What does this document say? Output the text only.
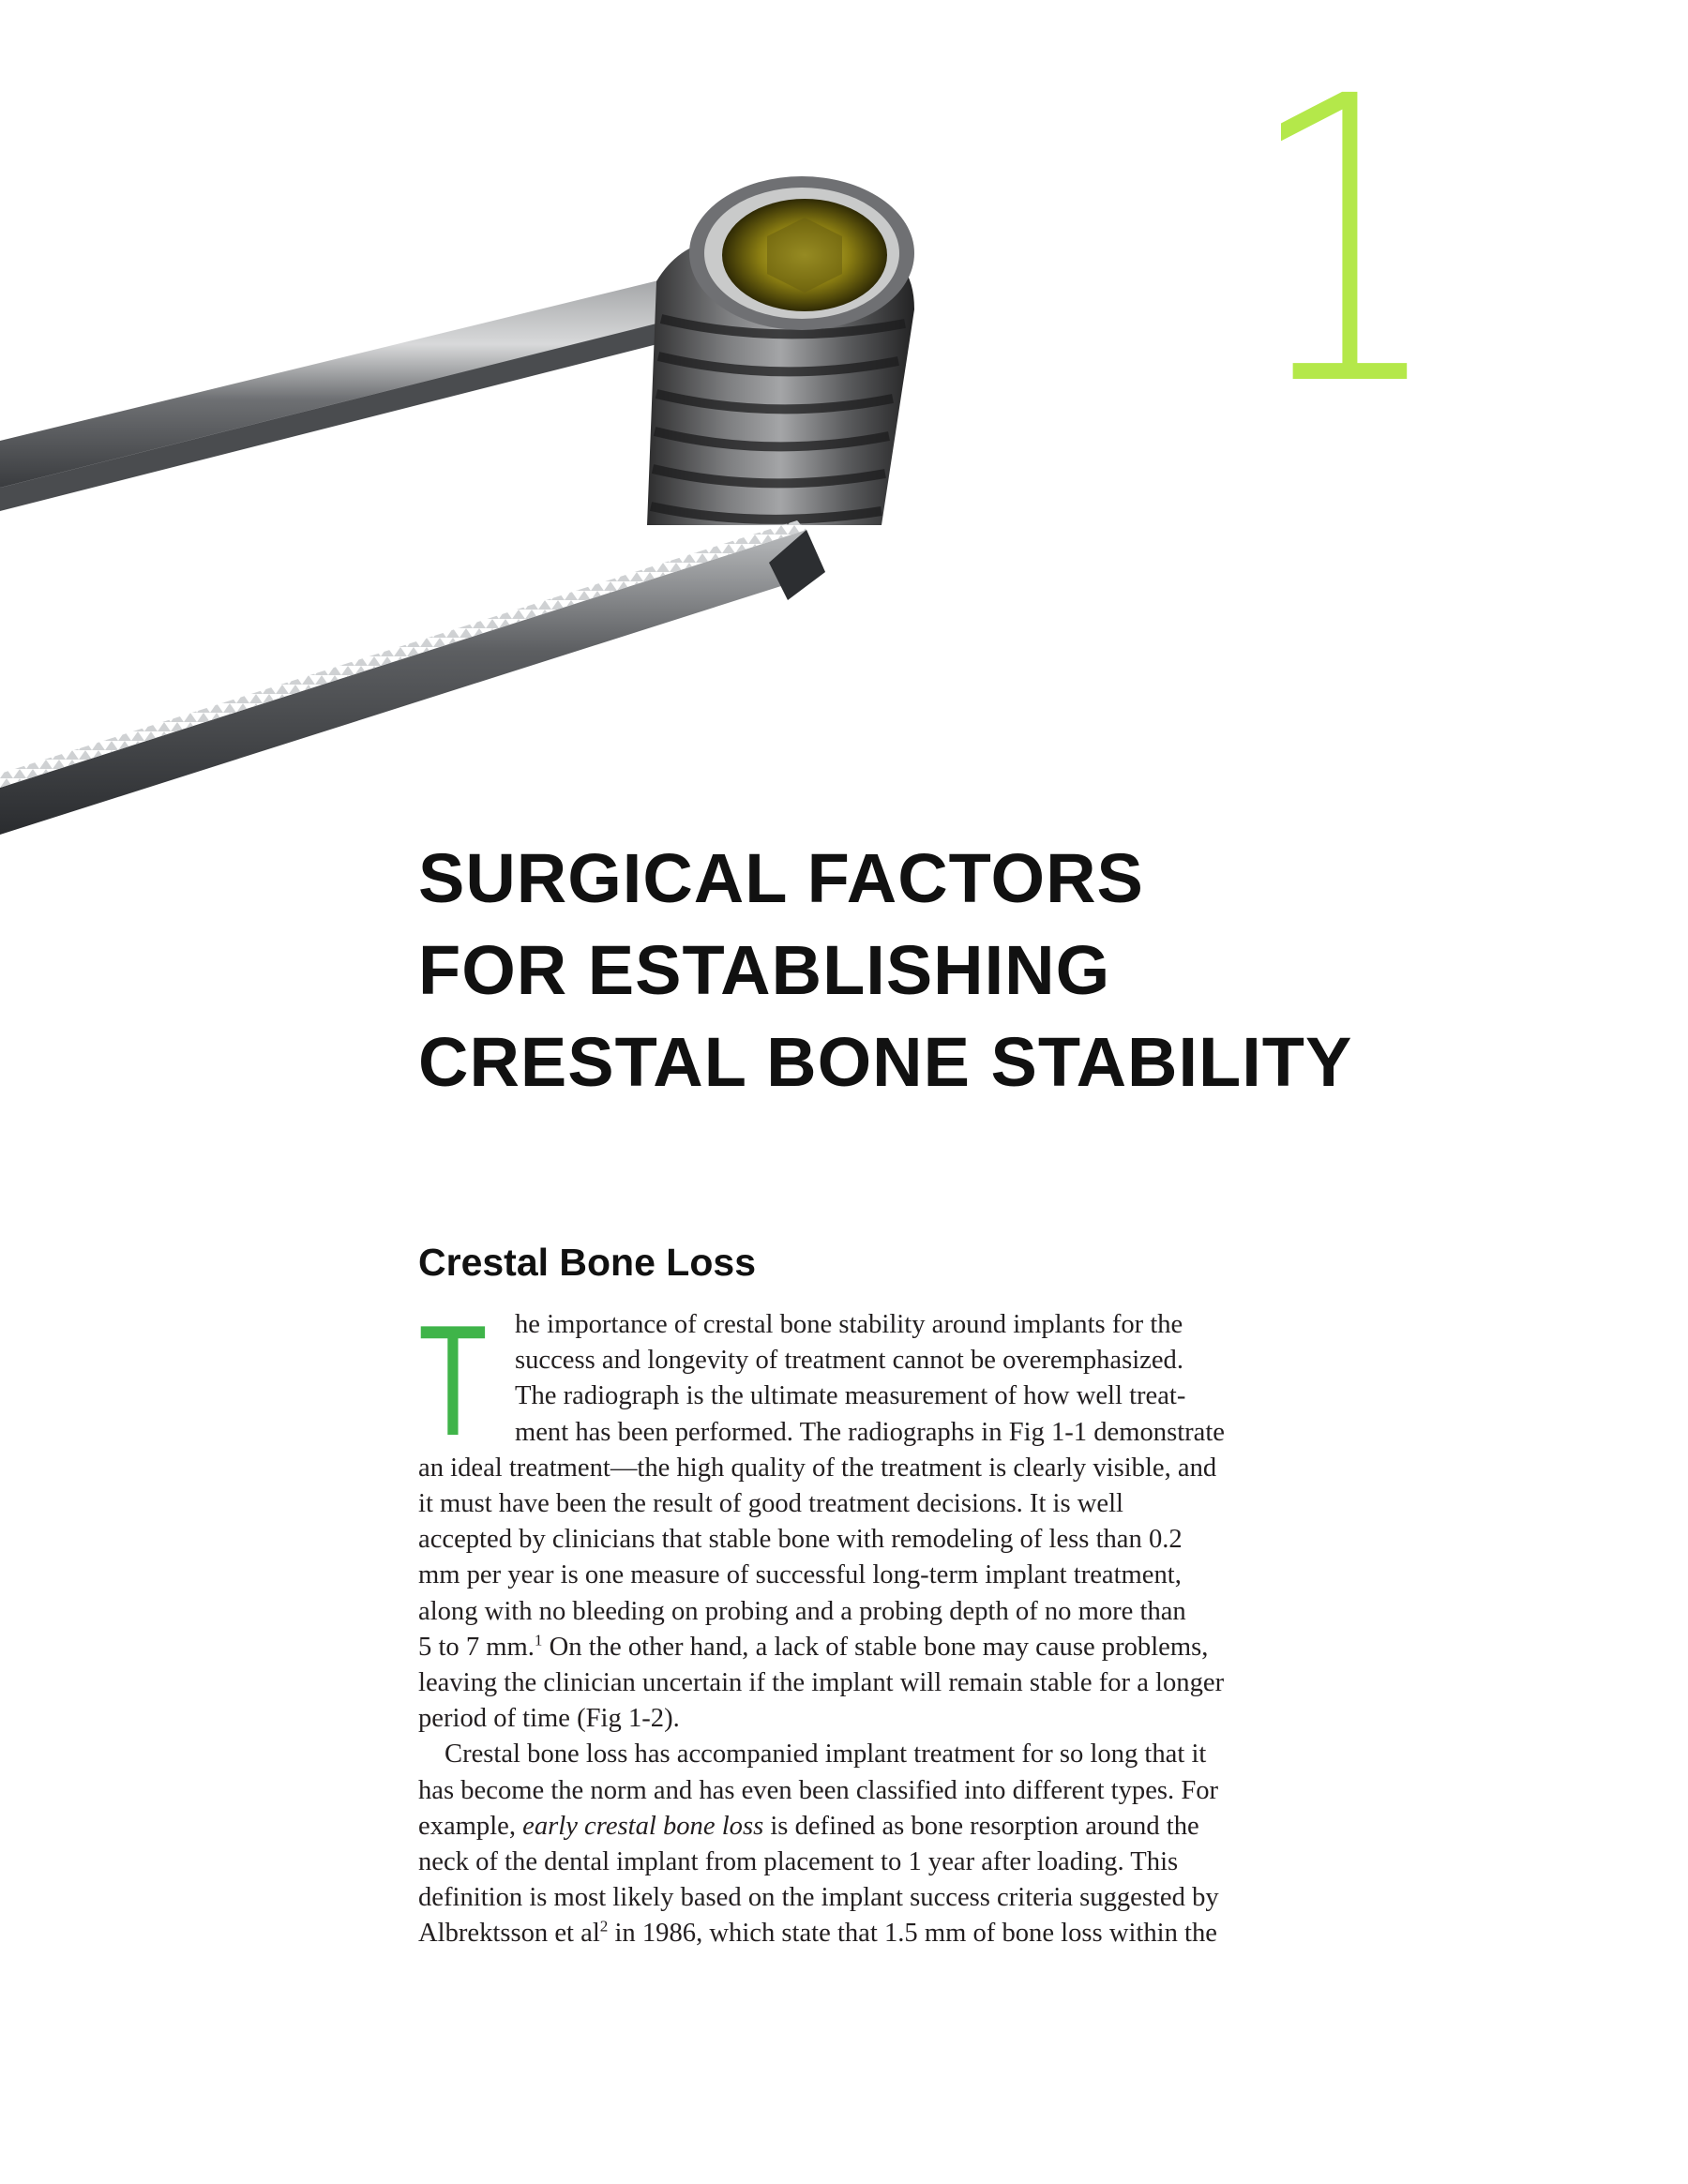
1
SURGICAL FACTORS
FOR ESTABLISHING
CRESTAL BONE STABILITY
Crestal Bone Loss

T	he importance of crestal bone stability around implants for the
success and longevity of treatment cannot be overemphasized.
The radiograph is the ultimate measurement of how well treat-
ment has been performed. The radiographs in Fig 1-1 demonstrate
an ideal treatment—the high quality of the treatment is clearly visible, and
it must have been the result of good treatment decisions. It is well
accepted by clinicians that stable bone with remodeling of less than 0.2
mm per year is one measure of successful long-term implant treatment,
along with no bleeding on probing and a probing depth of no more than
5 to 7 mm.$^1$ On the other hand, a lack of stable bone may cause problems,
leaving the clinician uncertain if the implant will remain stable for a longer
period of time (Fig 1-2).

Crestal bone loss has accompanied implant treatment for so long that it
has become the norm and has even been classified into different types. For
example, early crestal bone loss is defined as bone resorption around the
neck of the dental implant from placement to 1 year after loading. This
definition is most likely based on the implant success criteria suggested by
Albrektsson et $al^2$ in 1986, which state that 1.5 mm of bone loss within the
